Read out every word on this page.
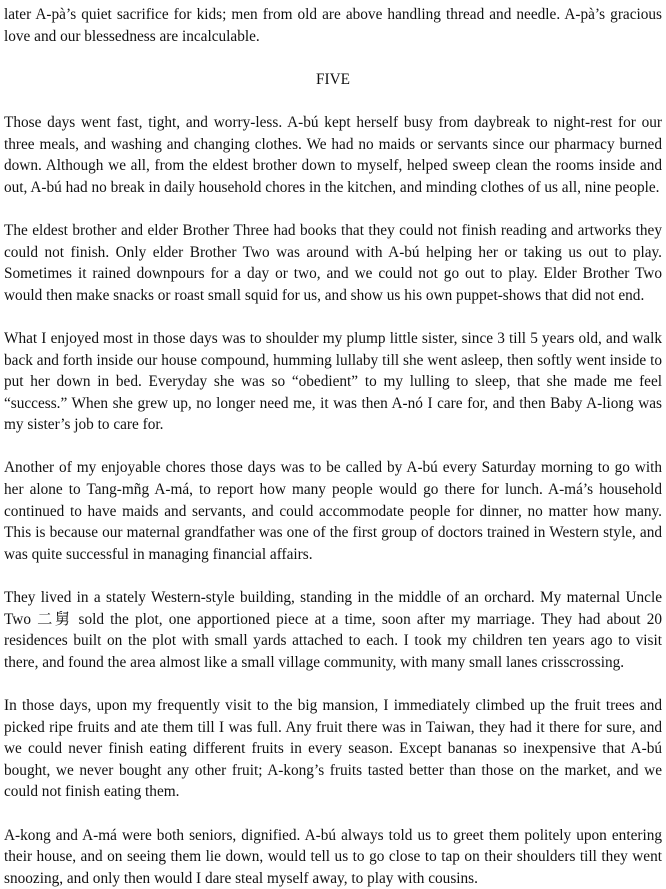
later A-pà’s quiet sacrifice for kids; men from old are above handling thread and needle. A-pà’s gracious love and our blessedness are incalculable.

FIVE

Those days went fast, tight, and worry-less. A-bú kept herself busy from daybreak to night-rest for our three meals, and washing and changing clothes. We had no maids or servants since our pharmacy burned down. Although we all, from the eldest brother down to myself, helped sweep clean the rooms inside and out, A-bú had no break in daily household chores in the kitchen, and minding clothes of us all, nine people.

The eldest brother and elder Brother Three had books that they could not finish reading and artworks they could not finish. Only elder Brother Two was around with A-bú helping her or taking us out to play. Sometimes it rained downpours for a day or two, and we could not go out to play. Elder Brother Two would then make snacks or roast small squid for us, and show us his own puppet-shows that did not end.

What I enjoyed most in those days was to shoulder my plump little sister, since 3 till 5 years old, and walk back and forth inside our house compound, humming lullaby till she went asleep, then softly went inside to put her down in bed. Everyday she was so “obedient” to my lulling to sleep, that she made me feel “success.” When she grew up, no longer need me, it was then A-nó I care for, and then Baby A-liong was my sister’s job to care for.

Another of my enjoyable chores those days was to be called by A-bú every Saturday morning to go with her alone to Tang-mñg A-má, to report how many people would go there for lunch. A-má’s household continued to have maids and servants, and could accommodate people for dinner, no matter how many. This is because our maternal grandfather was one of the first group of doctors trained in Western style, and was quite successful in managing financial affairs.

They lived in a stately Western-style building, standing in the middle of an orchard. My maternal Uncle Two 二舅 sold the plot, one apportioned piece at a time, soon after my marriage. They had about 20 residences built on the plot with small yards attached to each. I took my children ten years ago to visit there, and found the area almost like a small village community, with many small lanes crisscrossing.

In those days, upon my frequently visit to the big mansion, I immediately climbed up the fruit trees and picked ripe fruits and ate them till I was full. Any fruit there was in Taiwan, they had it there for sure, and we could never finish eating different fruits in every season. Except bananas so inexpensive that A-bú bought, we never bought any other fruit; A-kong’s fruits tasted better than those on the market, and we could not finish eating them.

A-kong and A-má were both seniors, dignified. A-bú always told us to greet them politely upon entering their house, and on seeing them lie down, would tell us to go close to tap on their shoulders till they went snoozing, and only then would I dare steal myself away, to play with cousins.
